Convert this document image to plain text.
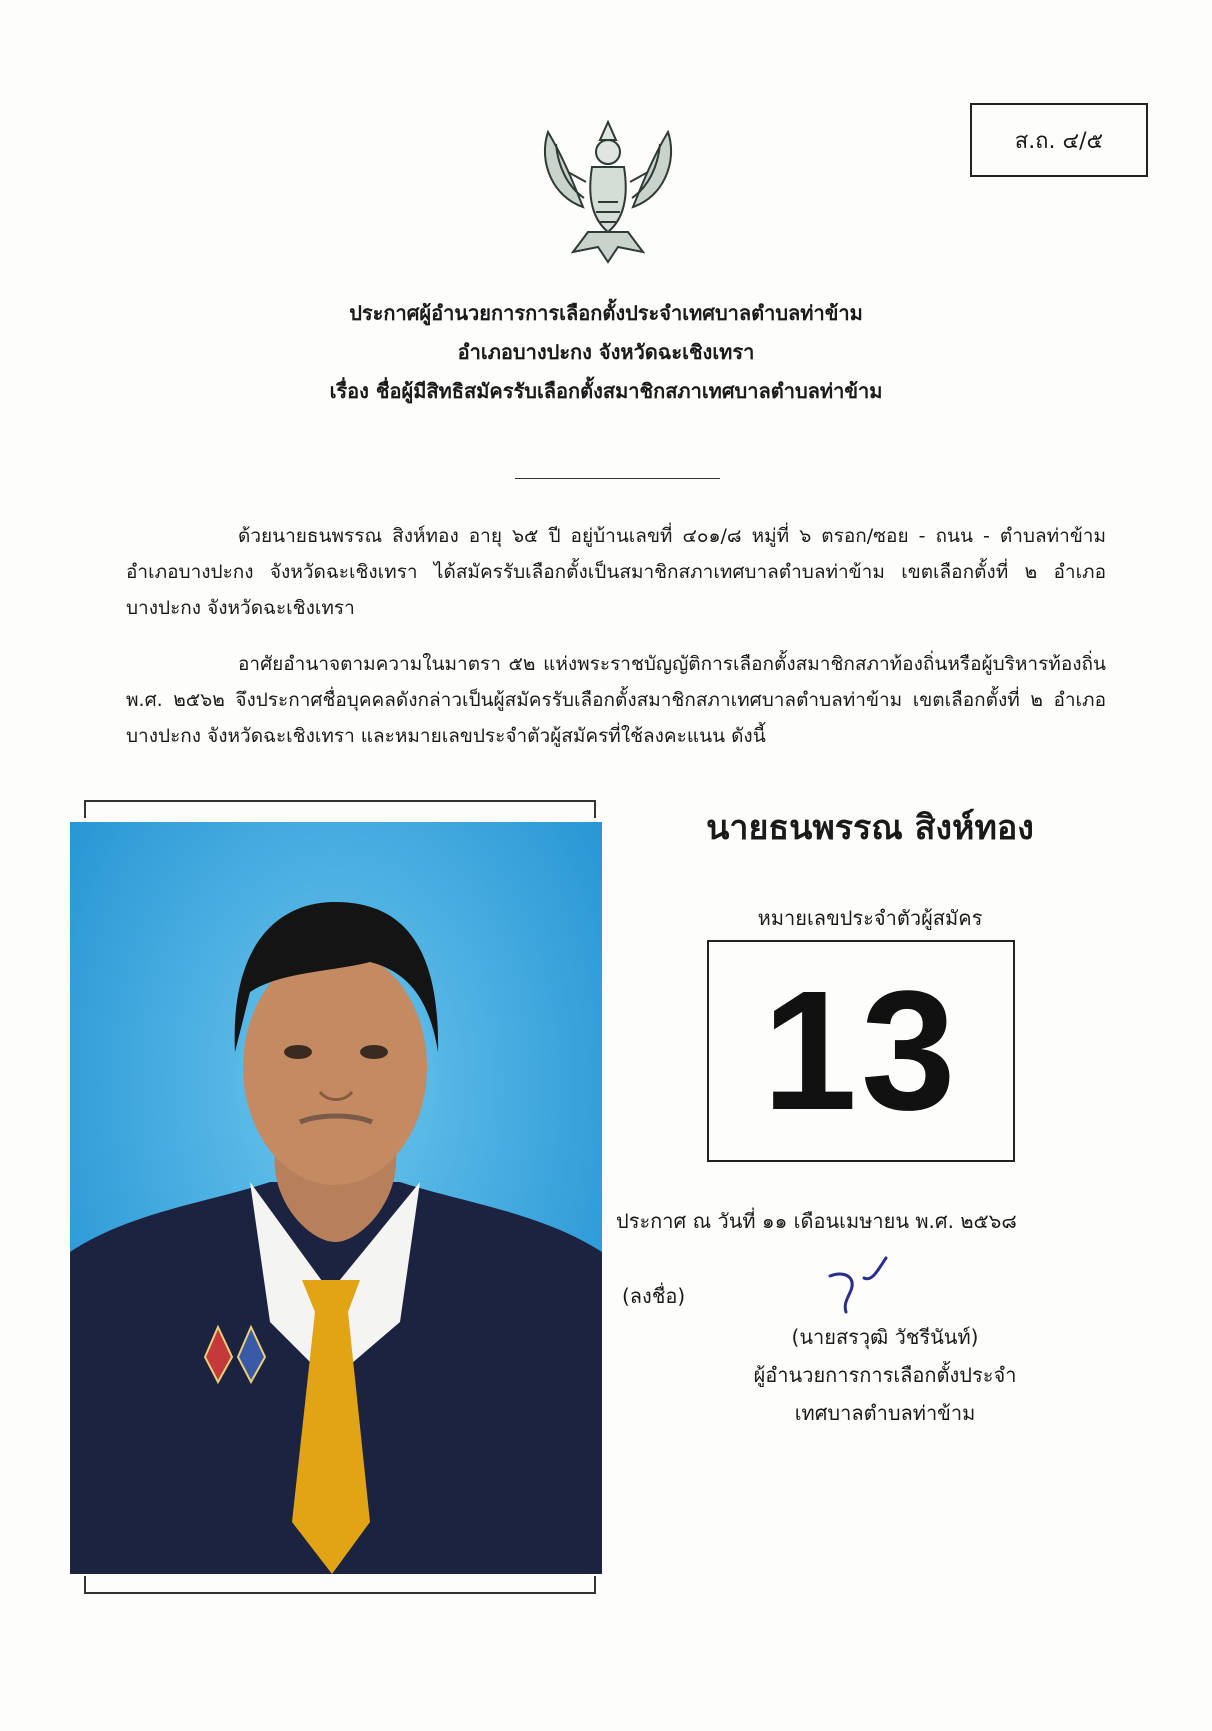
ส.ถ. ๔/๕
ประกาศผู้อำนวยการการเลือกตั้งประจำเทศบาลตำบลท่าข้าม
อำเภอบางปะกง จังหวัดฉะเชิงเทรา
เรื่อง ชื่อผู้มีสิทธิสมัครรับเลือกตั้งสมาชิกสภาเทศบาลตำบลท่าข้าม
ด้วยนายธนพรรณ สิงห์ทอง อายุ ๖๕ ปี อยู่บ้านเลขที่ ๔๐๑/๘ หมู่ที่ ๖ ตรอก/ซอย - ถนน - ตำบลท่าข้าม อำเภอบางปะกง จังหวัดฉะเชิงเทรา ได้สมัครรับเลือกตั้งเป็นสมาชิกสภาเทศบาลตำบลท่าข้าม เขตเลือกตั้งที่ ๒ อำเภอบางปะกง จังหวัดฉะเชิงเทรา
อาศัยอำนาจตามความในมาตรา ๕๒ แห่งพระราชบัญญัติการเลือกตั้งสมาชิกสภาท้องถิ่นหรือผู้บริหารท้องถิ่น พ.ศ. ๒๕๖๒ จึงประกาศชื่อบุคคลดังกล่าวเป็นผู้สมัครรับเลือกตั้งสมาชิกสภาเทศบาลตำบลท่าข้าม เขตเลือกตั้งที่ ๒ อำเภอบางปะกง จังหวัดฉะเชิงเทรา และหมายเลขประจำตัวผู้สมัครที่ใช้ลงคะแนน ดังนี้
นายธนพรรณ สิงห์ทอง
หมายเลขประจำตัวผู้สมัคร
13
ประกาศ ณ วันที่ ๑๑ เดือนเมษายน พ.ศ. ๒๕๖๘
(ลงชื่อ)
(นายสรวุฒิ วัชรีนันท์)
ผู้อำนวยการการเลือกตั้งประจำ
เทศบาลตำบลท่าข้าม
